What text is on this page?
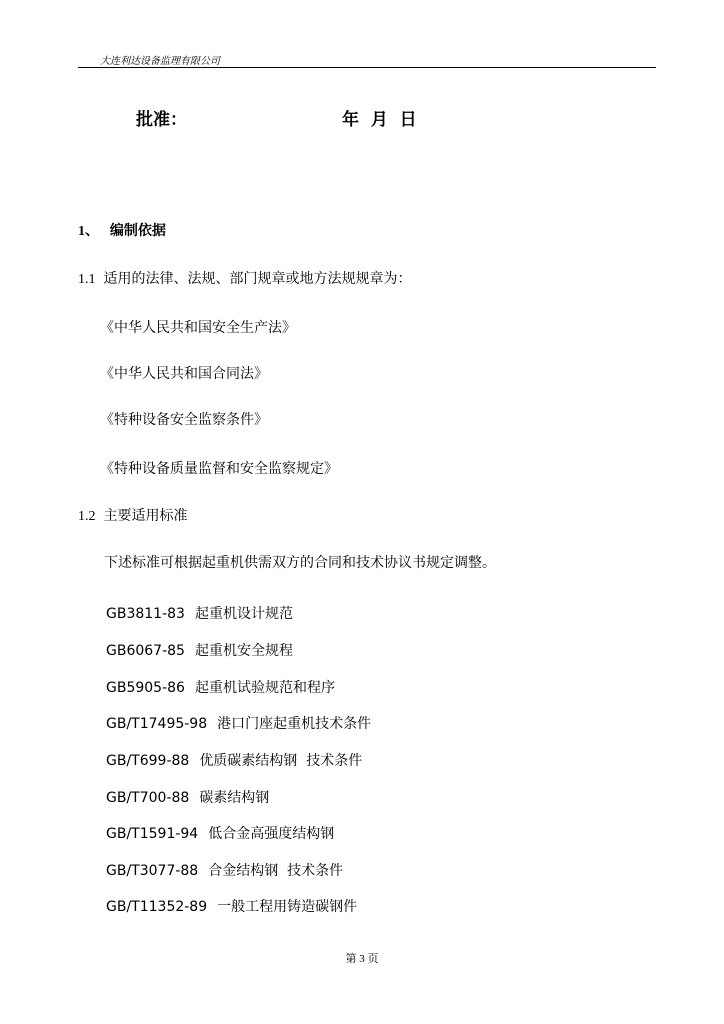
大连利达设备监理有限公司
批准：	年  月  日
1、 编制依据
1.1 适用的法律、法规、部门规章或地方法规规章为：
《中华人民共和国安全生产法》
《中华人民共和国合同法》
《特种设备安全监察条件》
《特种设备质量监督和安全监察规定》
1.2 主要适用标准
下述标准可根据起重机供需双方的合同和技术协议书规定调整。
GB3811-83 起重机设计规范
GB6067-85 起重机安全规程
GB5905-86 起重机试验规范和程序
GB/T17495-98 港口门座起重机技术条件
GB/T699-88 优质碳素结构钢  技术条件
GB/T700-88 碳素结构钢
GB/T1591-94 低合金高强度结构钢
GB/T3077-88 合金结构钢  技术条件
GB/T11352-89 一般工程用铸造碳钢件
第 3 页
